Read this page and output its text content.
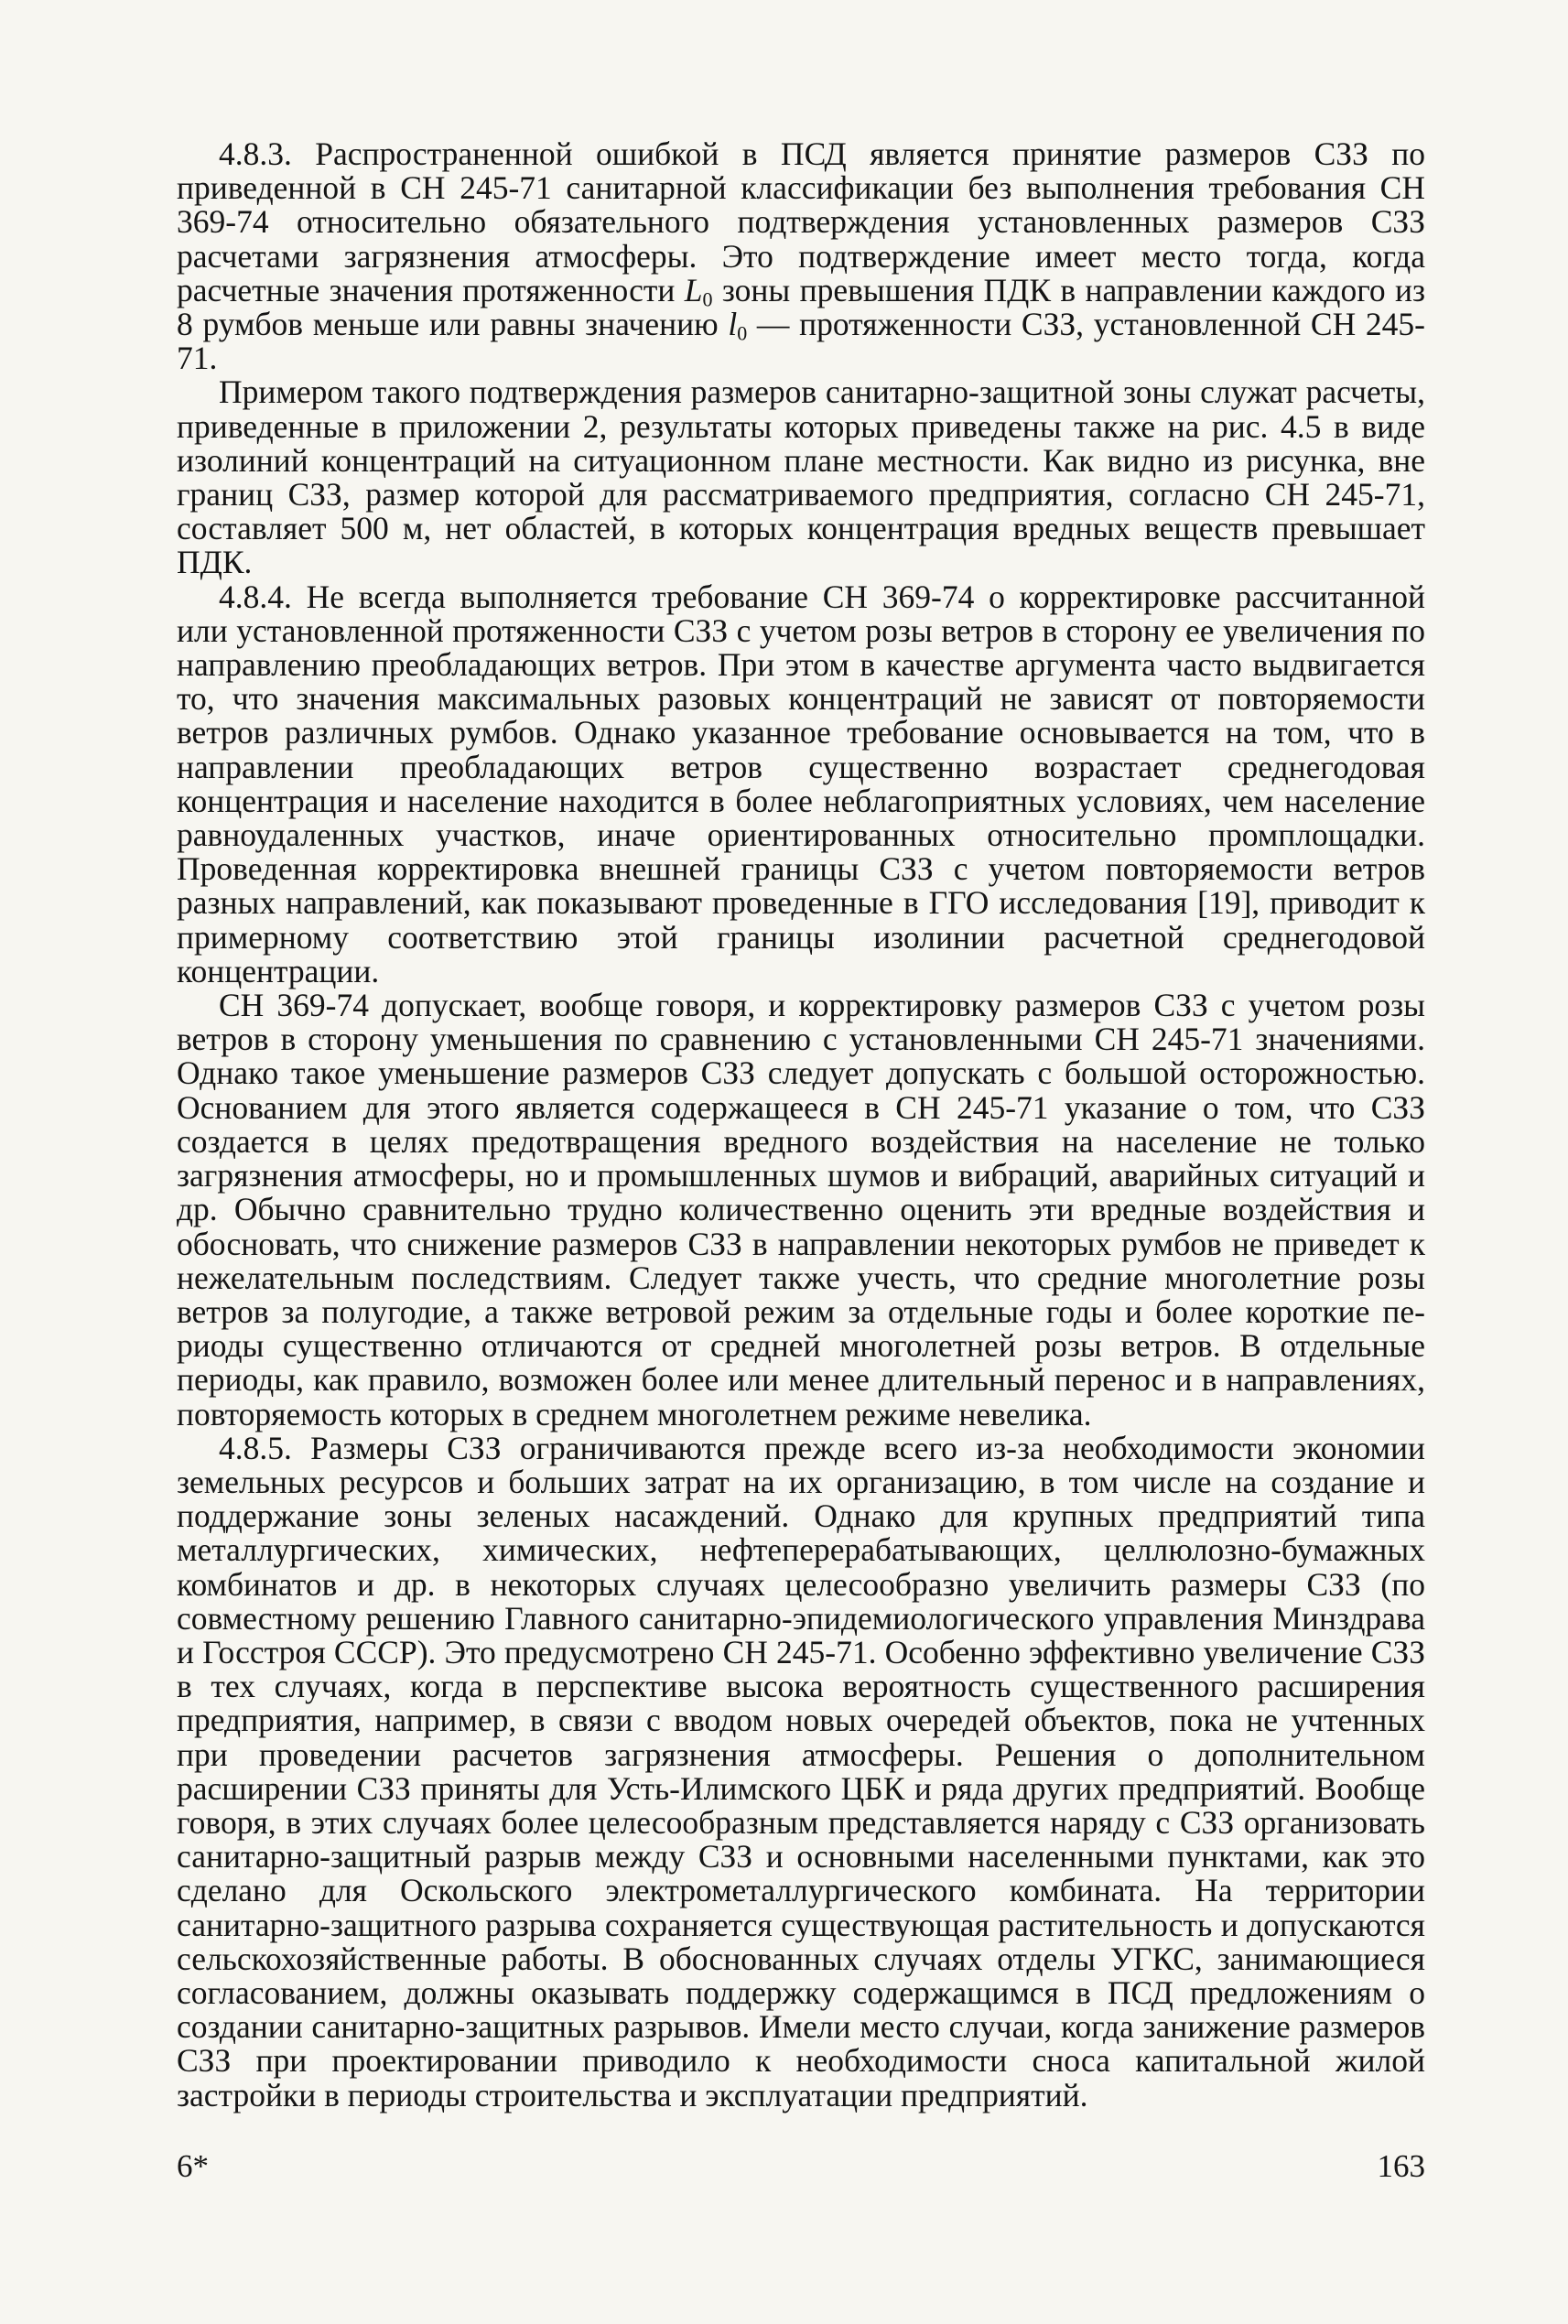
4.8.3. Распространенной ошибкой в ПСД является принятие размеров СЗЗ по приведенной в СН 245-71 санитарной классификации без выполнения требования СН 369-74 относительно обязательного подтверждения установленных размеров СЗЗ расчетами загрязнения атмосферы. Это подтверждение имеет место тогда, когда расчетные значения протяженности $L_0$ зоны превышения ПДК в направлении каждого из 8 румбов меньше или равны значению $l_0$ — протяженности СЗЗ, установленной СН 245-71.

Примером такого подтверждения размеров санитарно-защитной зоны служат расчеты, приведенные в приложении 2, результаты которых приведены также на рис. 4.5 в виде изолиний концентраций на ситуационном плане местности. Как видно из рисунка, вне границ СЗЗ, размер которой для рассматриваемого предприятия, согласно СН 245-71, составляет 500 м, нет областей, в которых концентрация вредных веществ превышает ПДК.

4.8.4. Не всегда выполняется требование СН 369-74 о корректировке рассчитанной или установленной протяженности СЗЗ с учетом розы ветров в сторону ее увеличения по направлению преобладающих ветров. При этом в качестве аргумента часто выдвигается то, что значения максимальных разовых концентраций не зависят от повторяемости ветров различных румбов. Однако указанное требование основывается на том, что в направлении преобладающих ветров существенно возрастает среднегодовая концентрация и население находится в более неблагоприятных условиях, чем население равноудаленных участков, иначе ориентированных относительно промплощадки. Проведенная корректировка внешней границы СЗЗ с учетом повторяемости ветров разных направлений, как показывают проведенные в ГГО исследования [19], приводит к примерному соответствию этой границы изолинии расчетной среднегодовой концентрации.

СН 369-74 допускает, вообще говоря, и корректировку размеров СЗЗ с учетом розы ветров в сторону уменьшения по сравнению с установленными СН 245-71 значениями. Однако такое уменьшение размеров СЗЗ следует допускать с большой осторожностью. Основанием для этого является содержащееся в СН 245-71 указание о том, что СЗЗ создается в целях предотвращения вредного воздействия на население не только загрязнения атмосферы, но и промышленных шумов и вибраций, аварийных ситуаций и др. Обычно сравнительно трудно количественно оценить эти вредные воздействия и обосновать, что снижение размеров СЗЗ в направлении некоторых румбов не приведет к нежелательным последствиям. Следует также учесть, что средние многолетние розы ветров за полугодие, а также ветровой режим за отдельные годы и более короткие периоды существенно отличаются от средней многолетней розы ветров. В отдельные периоды, как правило, возможен более или менее длительный перенос и в направлениях, повторяемость которых в среднем многолетнем режиме невелика.

4.8.5. Размеры СЗЗ ограничиваются прежде всего из-за необходимости экономии земельных ресурсов и больших затрат на их организацию, в том числе на создание и поддержание зоны зеленых насаждений. Однако для крупных предприятий типа металлургических, химических, нефтеперерабатывающих, целлюлозно-бумажных комбинатов и др. в некоторых случаях целесообразно увеличить размеры СЗЗ (по совместному решению Главного санитарно-эпидемиологического управления Минздрава и Госстроя СССР). Это предусмотрено СН 245-71. Особенно эффективно увеличение СЗЗ в тех случаях, когда в перспективе высока вероятность существенного расширения предприятия, например, в связи с вводом новых очередей объектов, пока не учтенных при проведении расчетов загрязнения атмосферы. Решения о дополнительном расширении СЗЗ приняты для Усть-Илимского ЦБК и ряда других предприятий. Вообще говоря, в этих случаях более целесообразным представляется наряду с СЗЗ организовать санитарно-защитный разрыв между СЗЗ и основными населенными пунктами, как это сделано для Оскольского электрометаллургического комбината. На территории санитарно-защитного разрыва сохраняется существующая растительность и допускаются сельскохозяйственные работы. В обоснованных случаях отделы УГКС, занимающиеся согласованием, должны оказывать поддержку содержащимся в ПСД предложениям о создании санитарно-защитных разрывов. Имели место случаи, когда занижение размеров СЗЗ при проектировании приводило к необходимости сноса капитальной жилой застройки в периоды строительства и эксплуатации предприятий.

6*	163
